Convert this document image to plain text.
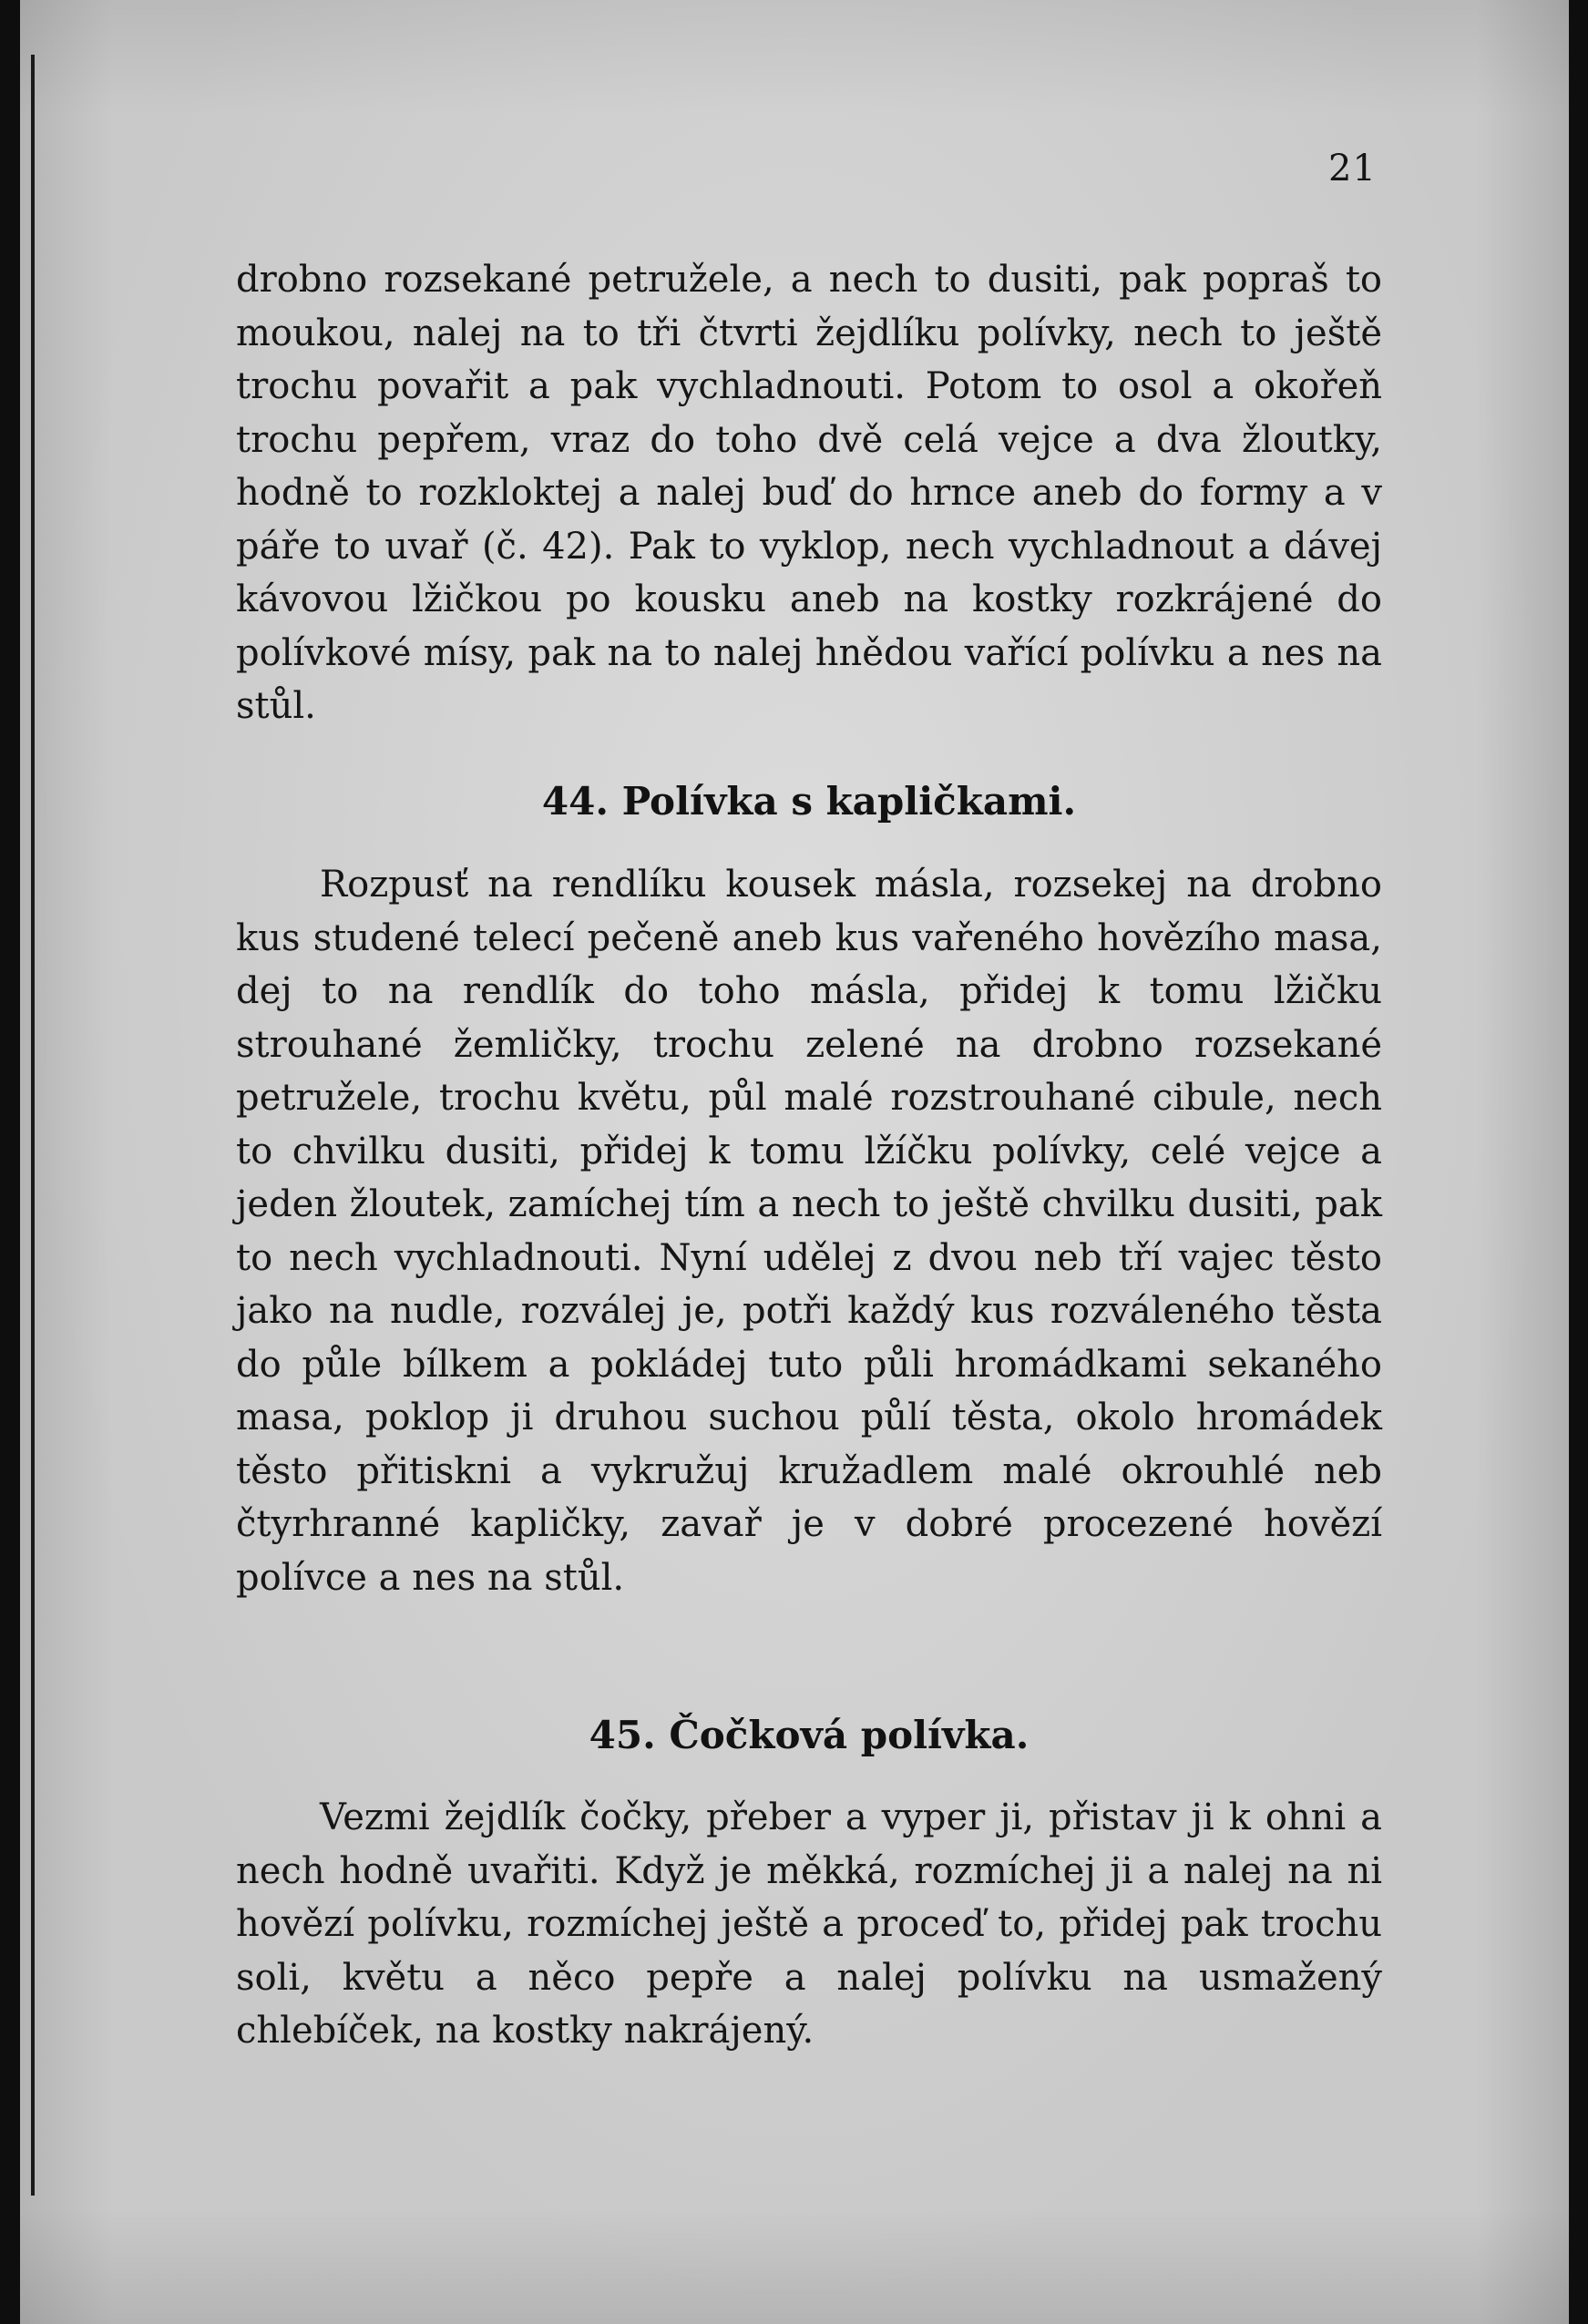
21

drobno rozsekané petružele, a nech to dusiti, pak popraš to moukou, nalej na to tři čtvrti žejdlíku polívky, nech to ještě trochu povařit a pak vychladnouti. Potom to osol a okořeň trochu pepřem, vraz do toho dvě celá vejce a dva žloutky, hodně to rozkloktej a nalej buď do hrnce aneb do formy a v páře to uvař (č. 42). Pak to vyklop, nech vychladnout a dávej kávovou lžičkou po kousku aneb na kostky rozkrájené do polívkové mísy, pak na to nalej hnědou vařící polívku a nes na stůl.

44. Polívka s kapličkami.

Rozpusť na rendlíku kousek másla, rozsekej na drobno kus studené telecí pečeně aneb kus vařeného hovězího masa, dej to na rendlík do toho másla, přidej k tomu lžičku strouhané žemličky, trochu zelené na drobno rozsekané petružele, trochu květu, půl malé rozstrouhané cibule, nech to chvilku dusiti, přidej k tomu lžíčku polívky, celé vejce a jeden žloutek, zamíchej tím a nech to ještě chvilku dusiti, pak to nech vychladnouti. Nyní udělej z dvou neb tří vajec těsto jako na nudle, rozválej je, potři každý kus rozváleného těsta do půle bílkem a pokládej tuto půli hromádkami sekaného masa, poklop ji druhou suchou půlí těsta, okolo hromádek těsto přitiskni a vykružuj kružadlem malé okrouhlé neb čtyrhranné kapličky, zavař je v dobré procezené hovězí polívce a nes na stůl.

45. Čočková polívka.

Vezmi žejdlík čočky, přeber a vyper ji, přistav ji k ohni a nech hodně uvařiti. Když je měkká, rozmíchej ji a nalej na ni hovězí polívku, rozmíchej ještě a proceď to, přidej pak trochu soli, květu a něco pepře a nalej polívku na usmažený chlebíček, na kostky nakrájený.
